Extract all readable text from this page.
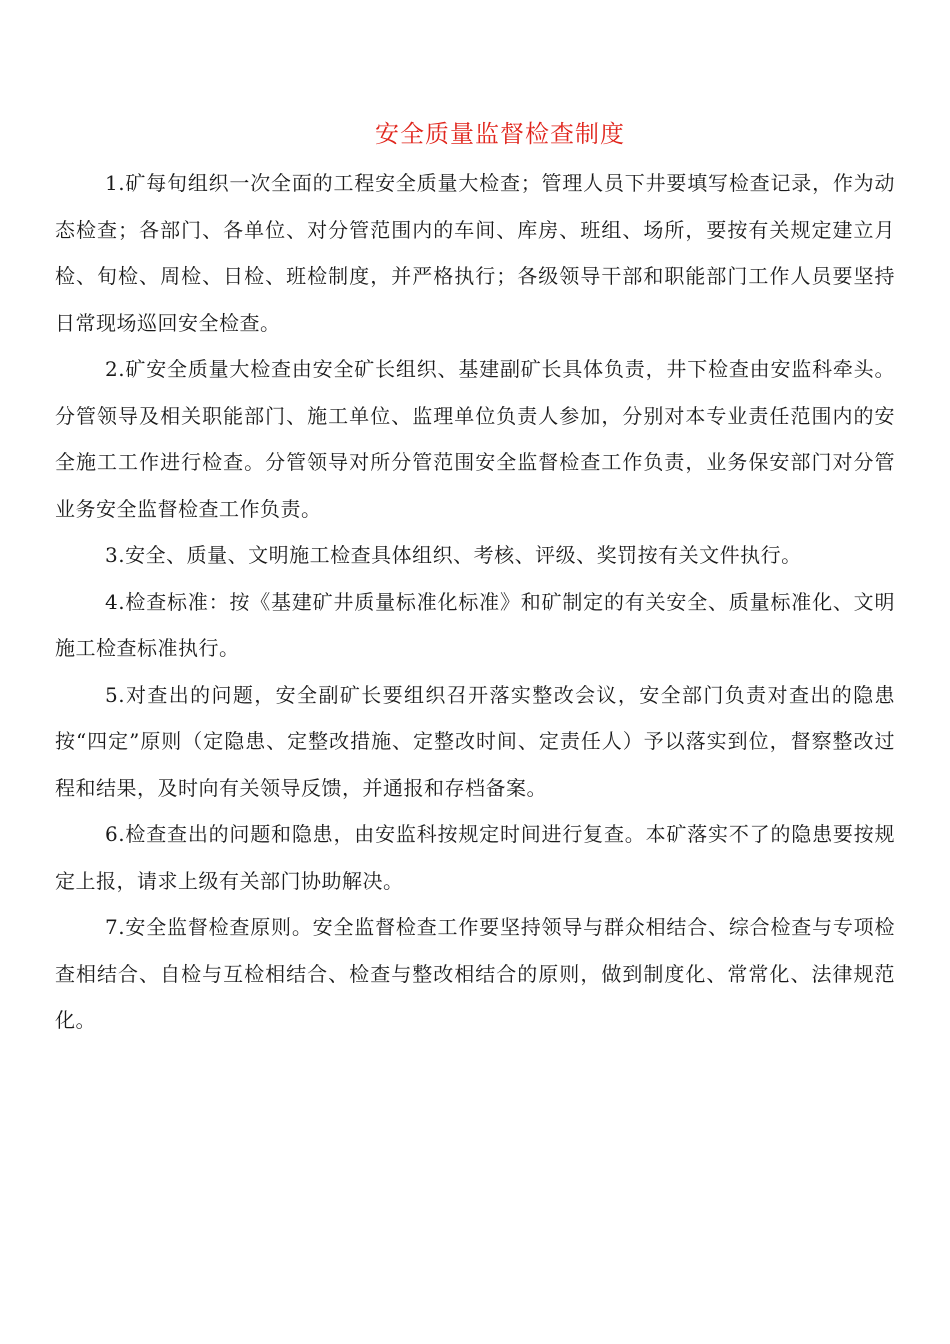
安全质量监督检查制度

1.矿每旬组织一次全面的工程安全质量大检查；管理人员下井要填写检查记录，作为动态检查；各部门、各单位、对分管范围内的车间、库房、班组、场所，要按有关规定建立月检、旬检、周检、日检、班检制度，并严格执行；各级领导干部和职能部门工作人员要坚持日常现场巡回安全检查。

2.矿安全质量大检查由安全矿长组织、基建副矿长具体负责，井下检查由安监科牵头。分管领导及相关职能部门、施工单位、监理单位负责人参加，分别对本专业责任范围内的安全施工工作进行检查。分管领导对所分管范围安全监督检查工作负责，业务保安部门对分管业务安全监督检查工作负责。

3.安全、质量、文明施工检查具体组织、考核、评级、奖罚按有关文件执行。

4.检查标准：按《基建矿井质量标准化标准》和矿制定的有关安全、质量标准化、文明施工检查标准执行。

5.对查出的问题，安全副矿长要组织召开落实整改会议，安全部门负责对查出的隐患按“四定”原则（定隐患、定整改措施、定整改时间、定责任人）予以落实到位，督察整改过程和结果，及时向有关领导反馈，并通报和存档备案。

6.检查查出的问题和隐患，由安监科按规定时间进行复查。本矿落实不了的隐患要按规定上报，请求上级有关部门协助解决。

7.安全监督检查原则。安全监督检查工作要坚持领导与群众相结合、综合检查与专项检查相结合、自检与互检相结合、检查与整改相结合的原则，做到制度化、常常化、法律规范化。
